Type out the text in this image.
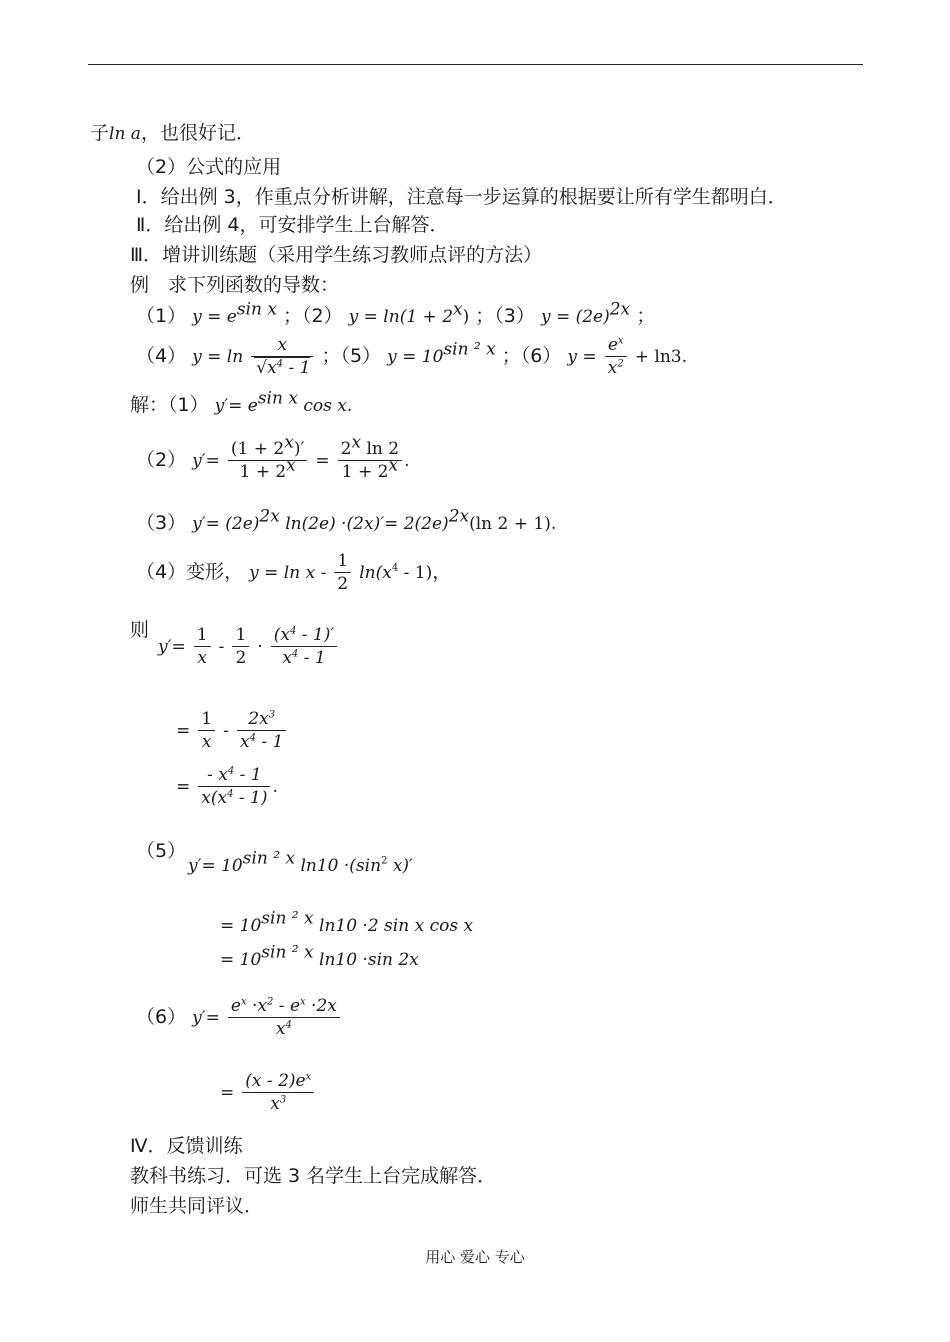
子ln a，也很好记．
（2）公式的应用
Ⅰ．给出例 3，作重点分析讲解，注意每一步运算的根据要让所有学生都明白．
Ⅱ．给出例 4，可安排学生上台解答．
Ⅲ．增讲训练题（采用学生练习教师点评的方法）
例　求下列函数的导数：
（1） $y = e^{sin x}$ ；（2） $y = \ln(1 + 2^x)$ ；（3） $y = (2e)^{2x}$ ；
（4） $y = \ln \frac{x}{√x^4 - 1}$ ；（5） $y = 10^{sin ^2 x}$ ；（6） $y = \frac{e^x}{x^2} + \ln 3$.
解：（1） $y'= e^{sin x}$ cos x.
（2） $y'= \frac{(1 + 2^x)'}{1 + 2^x} = \frac{2^x \ln 2}{1 + 2^x}$ .
（3） $y'= (2e)^{2x}$ $\ln(2e) \cdot(2x)'= 2(2e)^{2x}(\ln$ 2 + 1).
（4）变形， $y = \ln x - \frac{1}{2} \ln(x^4 - 1)$，
则
$y'= \frac{1}{x} - \frac{1}{2} \cdot \frac{(x^4 - 1)'}{x^4 - 1}$
= $\frac{1}{x} - \frac{2x^3}{x^4 - 1}$
= $\frac{- x^4 - 1}{x(x^4 - 1)}$ .
（5）
$y'= 10^{sin ^2 x}$ $\ln 10 \cdot(\sin^2$ x)′
= $10^{sin ^2 x}$ ln10 ·2 sin x cos x
= $10^{sin ^2 x}$ ln10 ·sin 2x
（6） $y'= \frac{e^x \cdot x^2 - e^x \cdot 2x}{x^4}$
= $\frac{(x - 2)e^x}{x^3}$
Ⅳ．反馈训练
教科书练习．可选 3 名学生上台完成解答．
师生共同评议．
用心 爱心 专心
